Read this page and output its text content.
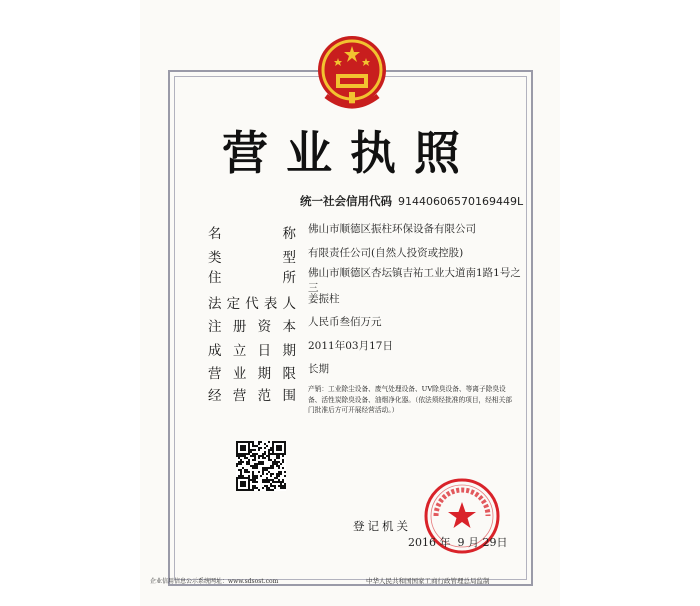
营业执照
统一社会信用代码 91440606570169449L
名	称 佛山市顺德区振柱环保设备有限公司
类	型 有限责任公司(自然人投资或控股)
住	所 佛山市顺德区杏坛镇吉祐工业大道南1路1号之三
法 定 代 表 人 姜振柱
注 册 资 本 人民币叁佰万元
成 立 日 期 2011年03月17日
营 业 期 限 长期
经 营 范 围 产销：工业除尘设备、废气处理设备、UV除臭设备、等离子除臭设备、活性炭除臭设备、油烟净化器。（依法须经批准的项目，经相关部门批准后方可开展经营活动。）
登记机关
2016 年 9 月 29日
企业信用信息公示系统网址：www.sdsost.com	中华人民共和国国家工商行政管理总局监制
